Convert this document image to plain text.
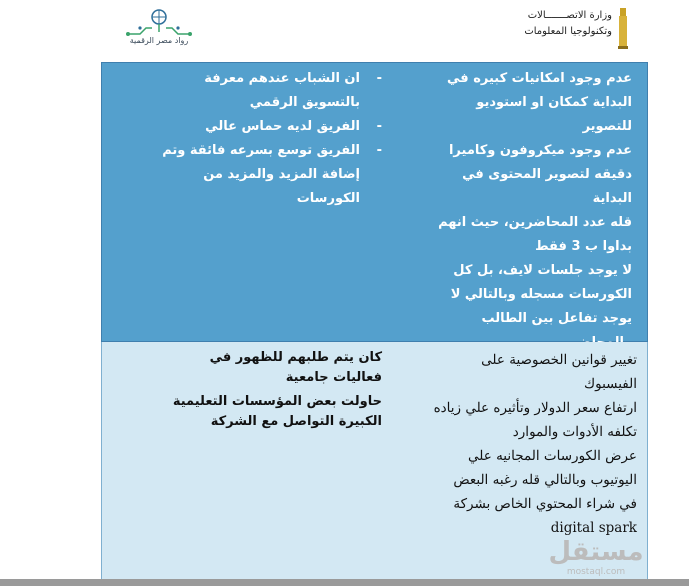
رواد مصر الرقمية
وزارة الاتصـــــــالات
وتكنولوجيا المعلومات
عدم وجود امكانيات كبيره في البداية كمكان او استوديو للتصوير
عدم وجود ميكروفون وكاميرا دقيقه لتصوير المحتوى في البداية
قله عدد المحاضرين، حيث انهم بداوا ب 3 فقط
لا يوجد جلسات لايف، بل كل الكورسات مسجله وبالتالي لا يوجد تفاعل بين الطالب
-
ان الشباب عندهم معرفة بالتسويق الرقمي
-
الفريق لديه حماس عالي
-
الفريق توسع بسرعه فائقة وتم إضافة المزيد والمزيد من الكورسات
تغيير قوانين الخصوصية على الفيسبوك
ارتفاع سعر الدولار وتأثيره علي زياده تكلفه الأدوات والموارد
عرض الكورسات المجانيه علي اليوتيوب وبالتالي قله رغبه البعض في شراء المحتوي الخاص بشركة digital spark

كان يتم طلبهم للظهور في فعاليات جامعية

حاولت بعض المؤسسات التعليمية الكبيرة التواصل مع الشركة

مستقل
mostaql.com
